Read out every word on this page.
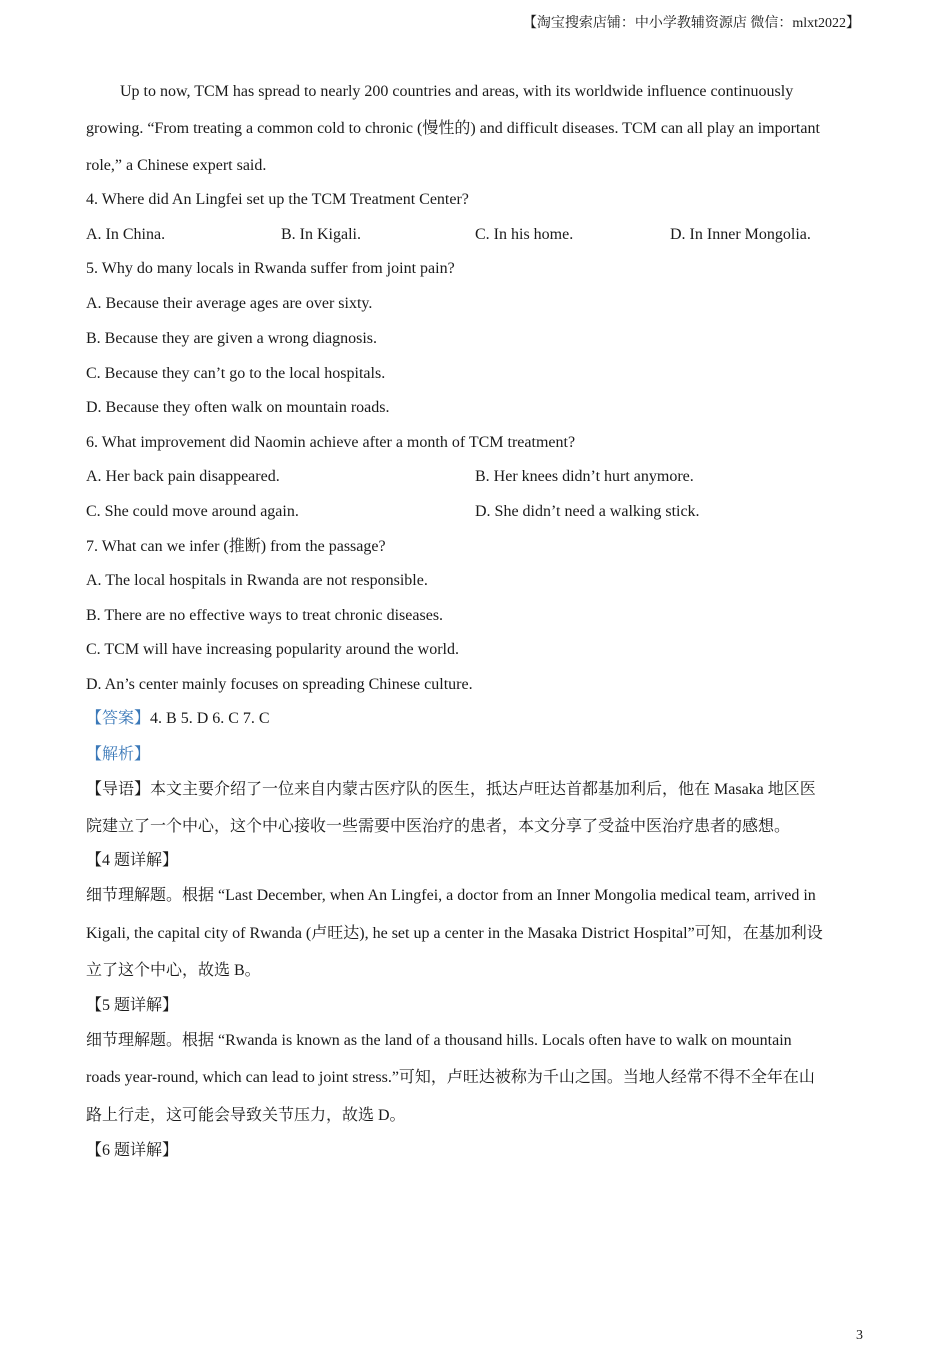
【淘宝搜索店铺：中小学教辅资源店 微信：mlxt2022】
Up to now, TCM has spread to nearly 200 countries and areas, with its worldwide influence continuously
growing. “From treating a common cold to chronic (慢性的) and difficult diseases. TCM can all play an important
role,” a Chinese expert said.
4. Where did An Lingfei set up the TCM Treatment Center?
A. In China.	B. In Kigali.	C. In his home.	D. In Inner Mongolia.
5. Why do many locals in Rwanda suffer from joint pain?
A. Because their average ages are over sixty.
B. Because they are given a wrong diagnosis.
C. Because they can’t go to the local hospitals.
D. Because they often walk on mountain roads.
6. What improvement did Naomin achieve after a month of TCM treatment?
A. Her back pain disappeared.	B. Her knees didn’t hurt anymore.
C. She could move around again.	D. She didn’t need a walking stick.
7. What can we infer (推断) from the passage?
A. The local hospitals in Rwanda are not responsible.
B. There are no effective ways to treat chronic diseases.
C. TCM will have increasing popularity around the world.
D. An’s center mainly focuses on spreading Chinese culture.
【答案】4. B 5. D 6. C 7. C
【解析】
【导语】本文主要介绍了一位来自内蒙古医疗队的医生，抵达卢旺达首都基加利后，他在 Masaka 地区医
院建立了一个中心，这个中心接收一些需要中医治疗的患者，本文分享了受益中医治疗患者的感想。
【4 题详解】
细节理解题。根据 “Last December, when An Lingfei, a doctor from an Inner Mongolia medical team, arrived in
Kigali, the capital city of Rwanda (卢旺达), he set up a center in the Masaka District Hospital”可知，在基加利设
立了这个中心，故选 B。
【5 题详解】
细节理解题。根据 “Rwanda is known as the land of a thousand hills. Locals often have to walk on mountain
roads year-round, which can lead to joint stress.”可知，卢旺达被称为千山之国。当地人经常不得不全年在山
路上行走，这可能会导致关节压力，故选 D。
【6 题详解】
3
